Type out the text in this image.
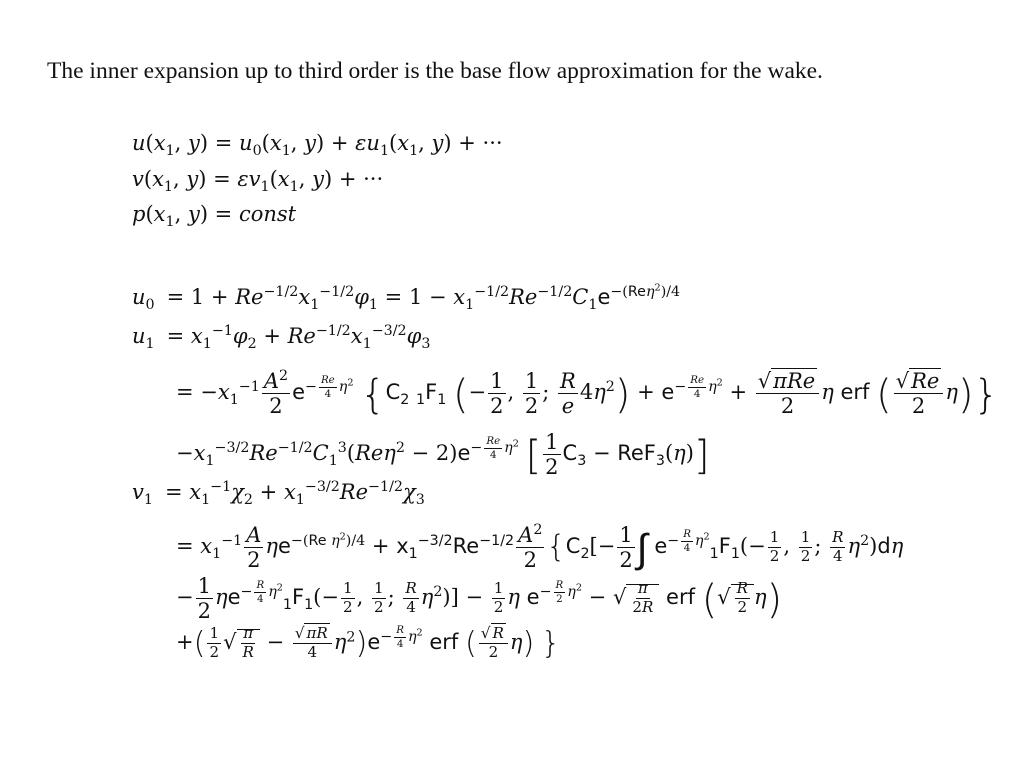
The inner expansion up to third order is the base flow approximation for the wake.
$u(x_1$, $y) = u_0(x_1$, $y) + \varepsilon u_1(x_1$, y) + ···
$v(x_1$, $y) = \varepsilon v_1(x_1$, y) + ···
$p(x_1$, y) = const
$u_0 = 1 + Re^{-1/2}x_1^{-1/2}\varphi_1 = 1 - x_1^{-1/2}Re^{-1/2}C_1e^{-(Re\eta^2)/4}$
$u_1 = x_1^{-1}\varphi_2 + Re^{-1/2}x_1^{-3/2}\varphi_3$
= $-x_1^{-1} \frac{A^2}{2} e^{- \frac{Re}{4} \eta^2}$ {$C_2$ $_1F_1$ (− $\frac{1}{2}$ , $\frac{1}{2}$ ; $\frac{R}{e} 4\eta^2) + e^{- \frac{Re}{4} \eta^2} + \frac{\text{√πRe}}{2}$ η erf ( $\frac{√Re}{2} \eta$)}
$-x_1^{-3/2}Re^{-1/2}C_1^3(Re\eta^2 - 2)e^{- \frac{Re}{4} \eta^2}$ [ $\frac{1}{2} C_3 - ReF_3(\eta)$]
$v_1 = x_1^{-1}\chi_2 + x_1^{-3/2}Re^{-1/2}\chi_3$
= $x_1^{-1} \frac{A}{2} \eta e^{-(Re \eta^2)/4} + x_1^{-3/2}Re^{-1/2} \frac{A^2}{2} \{C_2[- \frac{1}{2}$ ∫ $e^{- \frac{R}{4} \eta^2}_1F_1(- \frac{1}{2}$ , $\frac{1}{2}$ ; $\frac{R}{4} \eta^2)d\eta$
− $\frac{1}{2} \eta e^{- \frac{R}{4} \eta^2}_1F_1(- \frac{1}{2}$ , $\frac{1}{2}$ ; $\frac{R}{4} \eta^2)] - \frac{1}{2}$ η $e^{- \frac{R}{2} \eta^2}$ − √ $\frac{\pi}{2R}$ erf (√ $\frac{R}{2} \eta$)
+( $\frac{1}{2}$ √ $\frac{\pi}{R} - \frac{√ \pi R}{4} \eta^2)e^{- \frac{R}{4} \eta^2}$ erf ( $\frac{√ R}{2} \eta$) }
